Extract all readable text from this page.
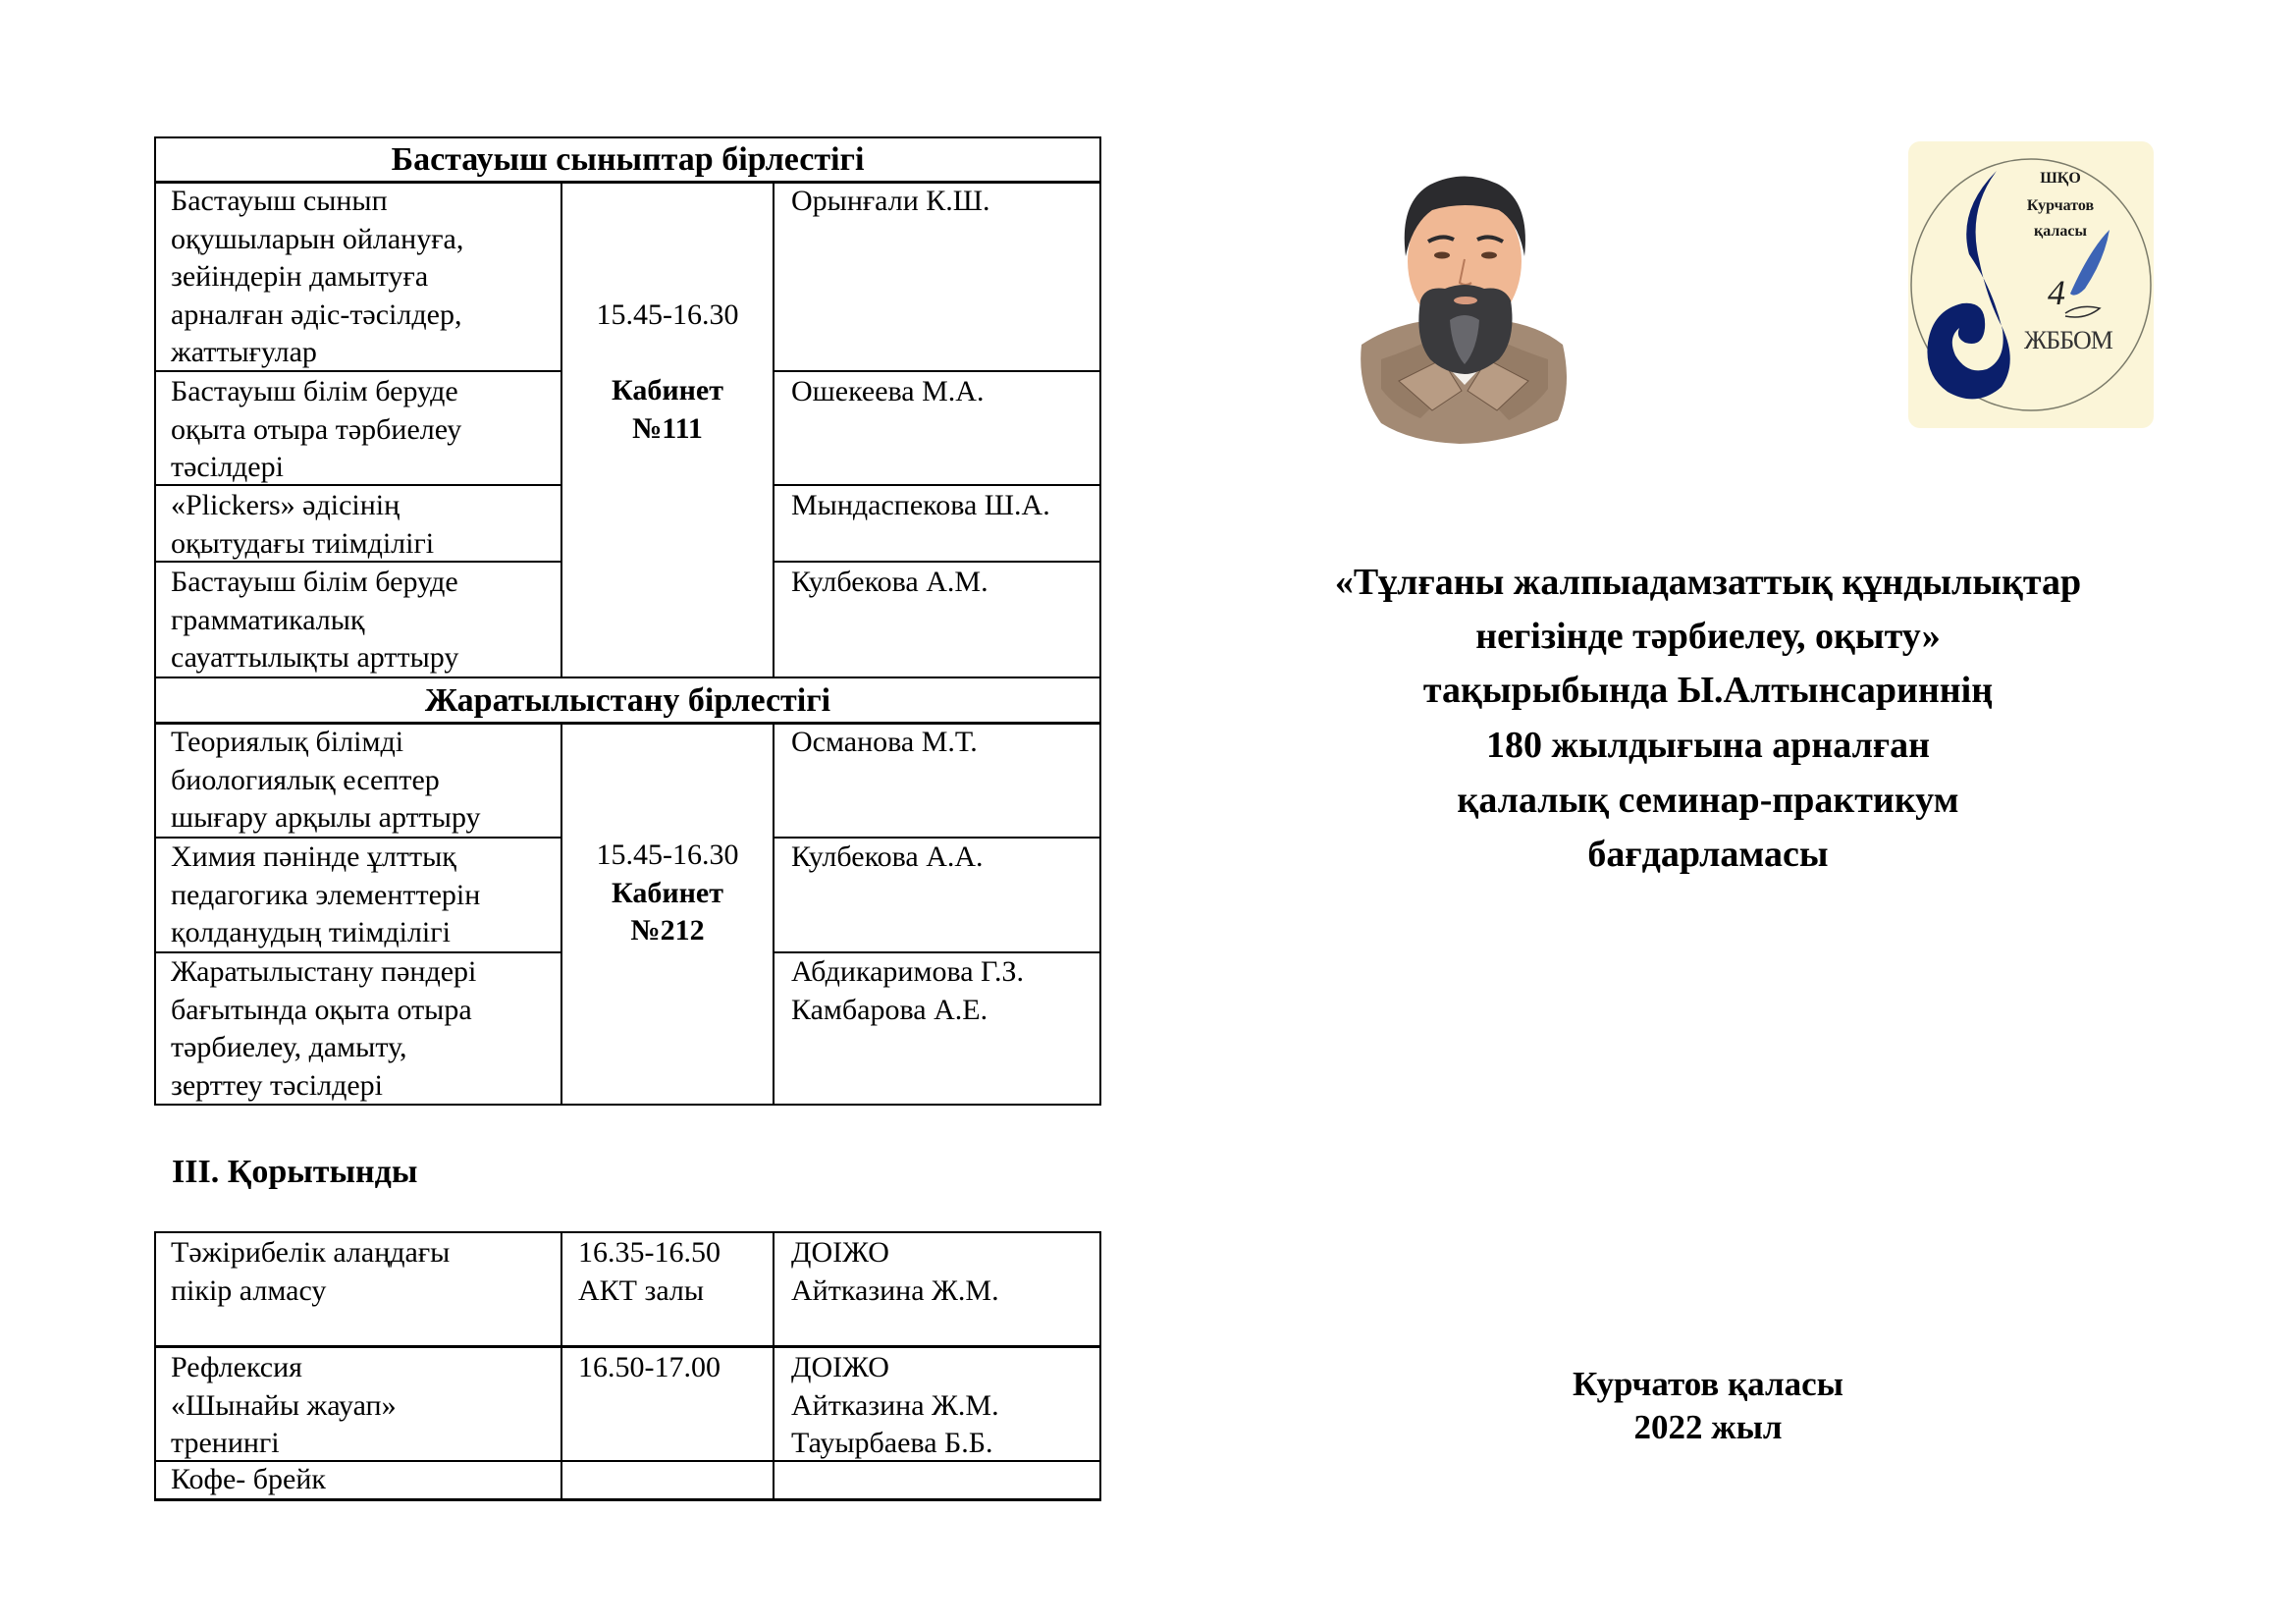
Бастауыш сыныптар бірлестігі
Бастауыш сынып
оқушыларын ойлануға,
зейіндерін дамытуға
арналған әдіс-тәсілдер,
жаттығулар
Орынғали К.Ш.
Бастауыш білім беруде
оқыта отыра тәрбиелеу
тәсілдері
Ошекеева М.А.
«Plickers» әдісінің
оқытудағы тиімділігі
Мындаспекова Ш.А.
Бастауыш білім беруде
грамматикалық
сауаттылықты арттыру
Кулбекова А.М.
15.45-16.30
Кабинет
№111
Жаратылыстану бірлестігі
Теориялық білімді
биологиялық есептер
шығару арқылы арттыру
Османова М.Т.
Химия пәнінде ұлттық
педагогика элементтерін
қолданудың тиімділігі
Кулбекова А.А.
Жаратылыстану пәндері
бағытында оқыта отыра
тәрбиелеу, дамыту,
зерттеу тәсілдері
Абдикаримова Г.З.
Камбарова А.Е.
15.45-16.30
Кабинет
№212
III. Қорытынды
Тәжірибелік алаңдағы
пікір алмасу
16.35-16.50
АКТ залы
ДОІЖО
Айтказина Ж.М.
Рефлексия
«Шынайы жауап»
тренингі
16.50-17.00	ДОІЖО
Айтказина Ж.М.
Тауырбаева Б.Б.
Кофе- брейк
ШҚО
Курчатов
қаласы
4
ЖББОМ
«Тұлғаны жалпыадамзаттық құндылықтар
негізінде тәрбиелеу, оқыту»
тақырыбында Ы.Алтынсариннің
180 жылдығына арналған
қалалық семинар-практикум
бағдарламасы
Курчатов қаласы
2022 жыл
